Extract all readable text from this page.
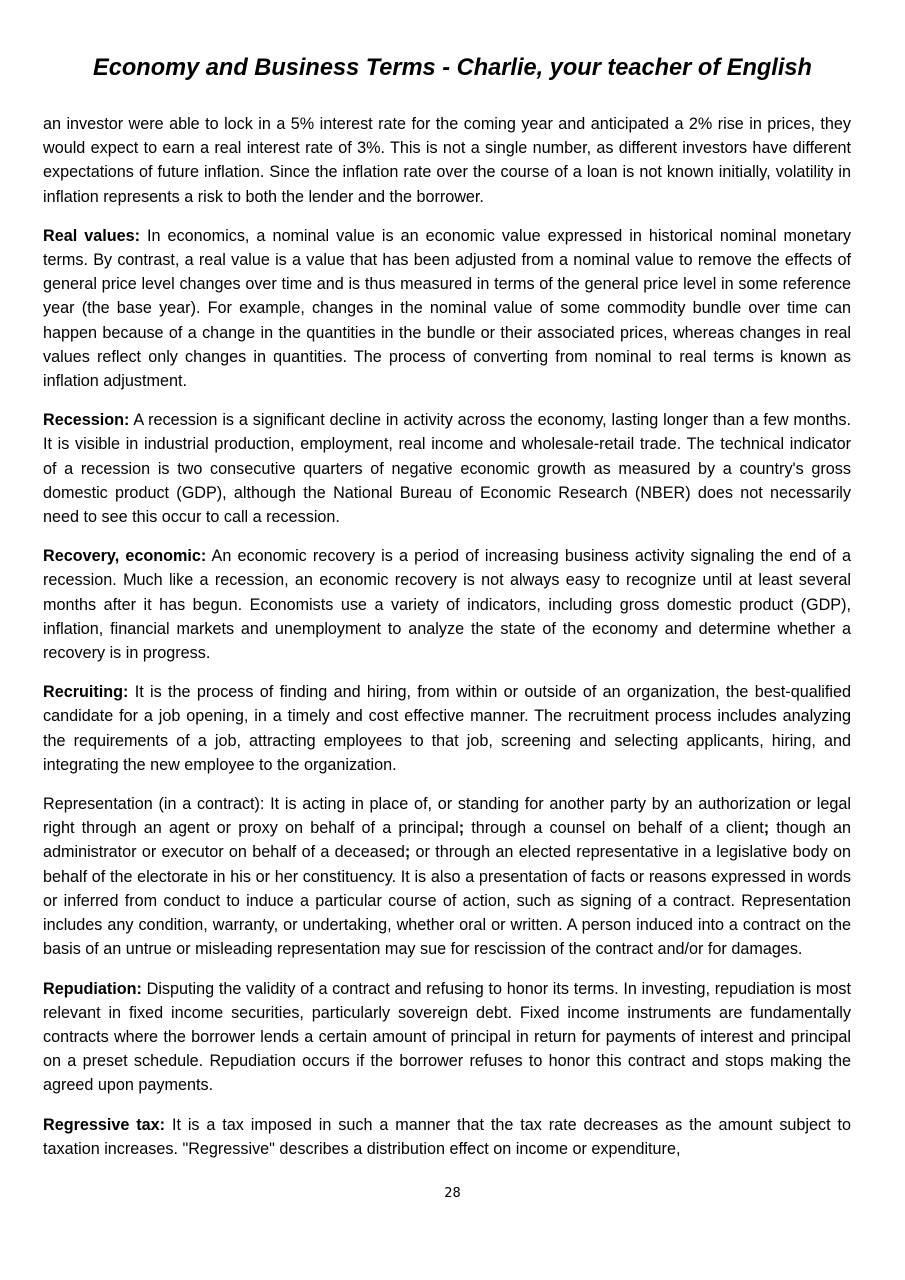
Economy and Business Terms - Charlie, your teacher of English

an investor were able to lock in a 5% interest rate for the coming year and anticipated a 2% rise in prices, they would expect to earn a real interest rate of 3%. This is not a single number, as different investors have different expectations of future inflation. Since the inflation rate over the course of a loan is not known initially, volatility in inflation represents a risk to both the lender and the borrower.

Real values: In economics, a nominal value is an economic value expressed in historical nominal monetary terms. By contrast, a real value is a value that has been adjusted from a nominal value to remove the effects of general price level changes over time and is thus measured in terms of the general price level in some reference year (the base year). For example, changes in the nominal value of some commodity bundle over time can happen because of a change in the quantities in the bundle or their associated prices, whereas changes in real values reflect only changes in quantities. The process of converting from nominal to real terms is known as inflation adjustment.

Recession: A recession is a significant decline in activity across the economy, lasting longer than a few months. It is visible in industrial production, employment, real income and wholesale-retail trade. The technical indicator of a recession is two consecutive quarters of negative economic growth as measured by a country's gross domestic product (GDP), although the National Bureau of Economic Research (NBER) does not necessarily need to see this occur to call a recession.

Recovery, economic: An economic recovery is a period of increasing business activity signaling the end of a recession. Much like a recession, an economic recovery is not always easy to recognize until at least several months after it has begun. Economists use a variety of indicators, including gross domestic product (GDP), inflation, financial markets and unemployment to analyze the state of the economy and determine whether a recovery is in progress.

Recruiting: It is the process of finding and hiring, from within or outside of an organization, the best-qualified candidate for a job opening, in a timely and cost effective manner. The recruitment process includes analyzing the requirements of a job, attracting employees to that job, screening and selecting applicants, hiring, and integrating the new employee to the organization.

Representation (in a contract): It is acting in place of, or standing for another party by an authorization or legal right through an agent or proxy on behalf of a principal; through a counsel on behalf of a client; though an administrator or executor on behalf of a deceased; or through an elected representative in a legislative body on behalf of the electorate in his or her constituency. It is also a presentation of facts or reasons expressed in words or inferred from conduct to induce a particular course of action, such as signing of a contract. Representation includes any condition, warranty, or undertaking, whether oral or written. A person induced into a contract on the basis of an untrue or misleading representation may sue for rescission of the contract and/or for damages.

Repudiation: Disputing the validity of a contract and refusing to honor its terms. In investing, repudiation is most relevant in fixed income securities, particularly sovereign debt. Fixed income instruments are fundamentally contracts where the borrower lends a certain amount of principal in return for payments of interest and principal on a preset schedule. Repudiation occurs if the borrower refuses to honor this contract and stops making the agreed upon payments.

Regressive tax: It is a tax imposed in such a manner that the tax rate decreases as the amount subject to taxation increases. "Regressive" describes a distribution effect on income or expenditure,

28
